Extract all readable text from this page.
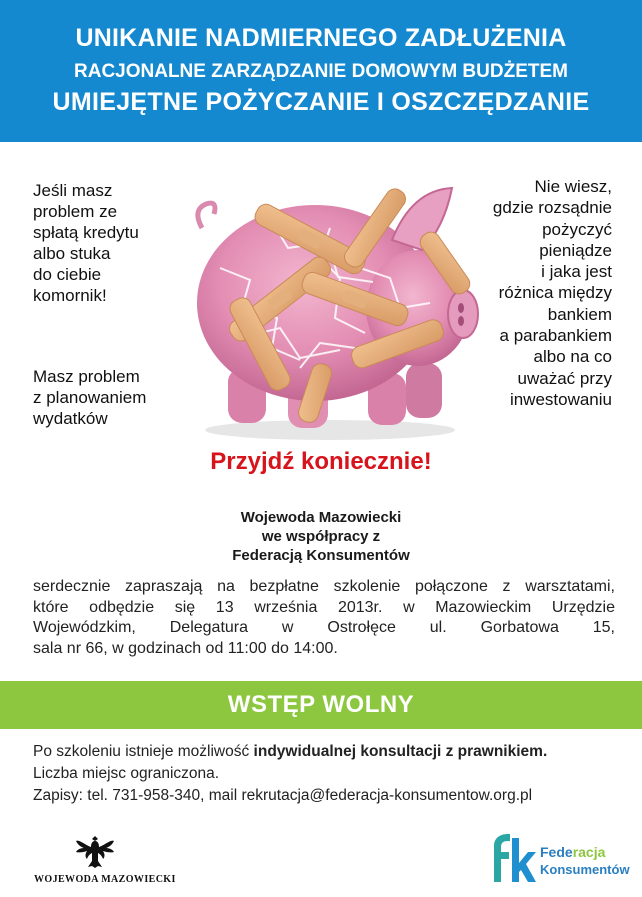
UNIKANIE NADMIERNEGO ZADŁUŻENIA
RACJONALNE ZARZĄDZANIE DOMOWYM BUDŻETEM
UMIEJĘTNE POŻYCZANIE I OSZCZĘDZANIE
Jeśli masz
problem ze
spłatą kredytu
albo stuka
do ciebie
komornik!
Masz problem
z planowaniem
wydatków
Nie wiesz,
gdzie rozsądnie
pożyczyć
pieniądze
i jaka jest
różnica między
bankiem
a parabankiem
albo na co
uważać przy
inwestowaniu
Przyjdź koniecznie!
Wojewoda Mazowiecki
we współpracy z
Federacją Konsumentów
serdecznie zapraszają na bezpłatne szkolenie połączone z warsztatami,
które odbędzie się 13 września 2013r. w Mazowieckim Urzędzie
Wojewódzkim, Delegatura w Ostrołęce ul. Gorbatowa 15,
sala nr 66, w godzinach od 11:00 do 14:00.
WSTĘP WOLNY
Po szkoleniu istnieje możliwość indywidualnej konsultacji z prawnikiem.
Liczba miejsc ograniczona.
Zapisy: tel. 731-958-340, mail rekrutacja@federacja-konsumentow.org.pl
WOJEWODA MAZOWIECKI
Federacja
Konsumentów
